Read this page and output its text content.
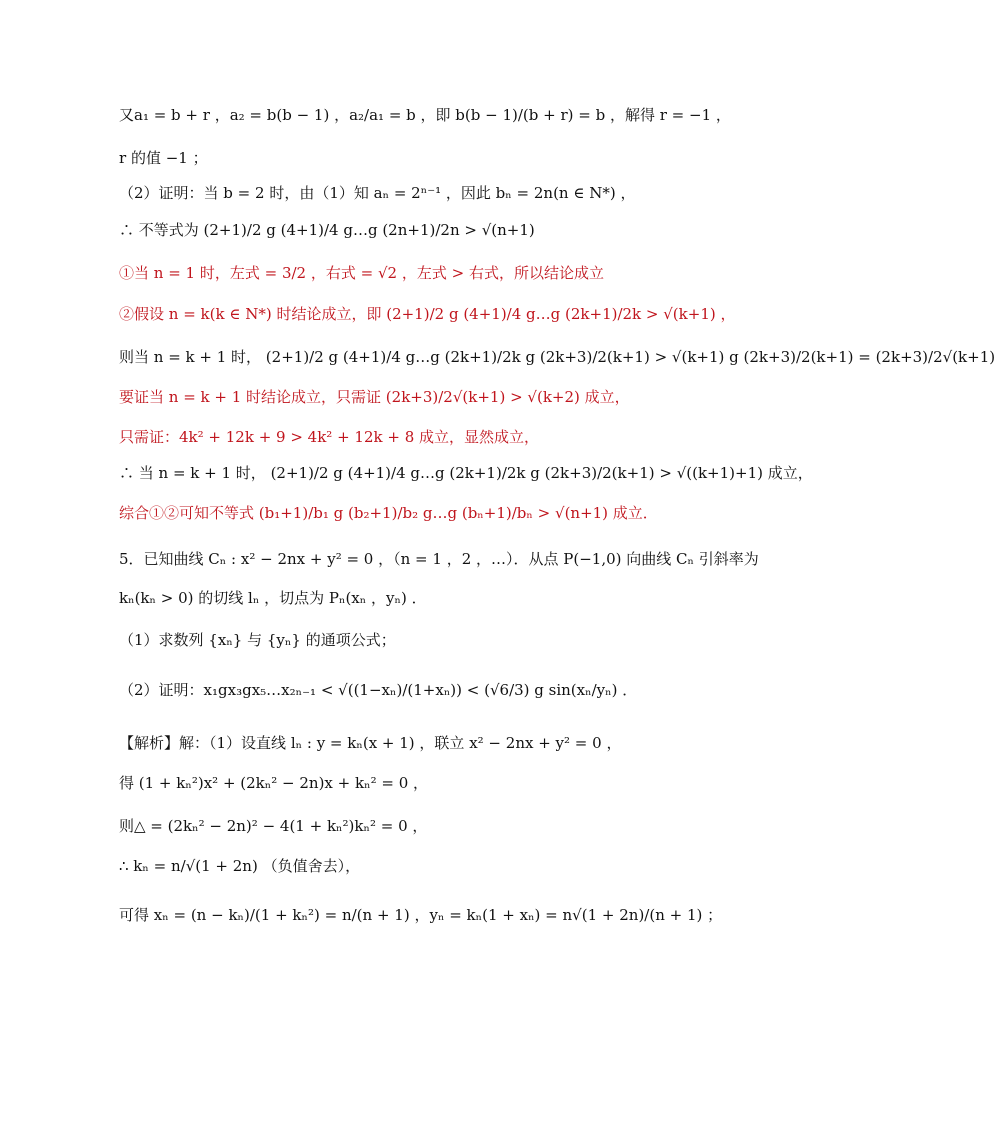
又a₁ = b + r ，a₂ = b(b − 1) ，a₂/a₁ = b ，即 b(b − 1)/(b + r) = b ，解得 r = −1 ，
r 的值 −1 ；
（2）证明：当 b = 2 时，由（1）知 aₙ = 2ⁿ⁻¹ ，因此 bₙ = 2n(n ∈ N*) ，
∴ 不等式为 (2+1)/2 g (4+1)/4 g…g (2n+1)/2n > √(n+1)
①当 n = 1 时，左式 = 3/2 ，右式 = √2 ，左式 > 右式，所以结论成立
②假设 n = k(k ∈ N*) 时结论成立，即 (2+1)/2 g (4+1)/4 g…g (2k+1)/2k > √(k+1) ，
则当 n = k + 1 时， (2+1)/2 g (4+1)/4 g…g (2k+1)/2k g (2k+3)/2(k+1) > √(k+1) g (2k+3)/2(k+1) = (2k+3)/2√(k+1)
要证当 n = k + 1 时结论成立，只需证 (2k+3)/2√(k+1) > √(k+2) 成立，
只需证：4k² + 12k + 9 > 4k² + 12k + 8 成立，显然成立，
∴ 当 n = k + 1 时， (2+1)/2 g (4+1)/4 g…g (2k+1)/2k g (2k+3)/2(k+1) > √((k+1)+1) 成立，
综合①②可知不等式 (b₁+1)/b₁ g (b₂+1)/b₂ g…g (bₙ+1)/bₙ > √(n+1) 成立．
5．已知曲线 Cₙ : x² − 2nx + y² = 0 ，（n = 1 ，2 ，…）．从点 P(−1,0) 向曲线 Cₙ 引斜率为
kₙ(kₙ > 0) 的切线 lₙ ，切点为 Pₙ(xₙ ，yₙ) ．
（1）求数列 {xₙ} 与 {yₙ} 的通项公式；
（2）证明：x₁gx₃gx₅…x₂ₙ₋₁ < √((1−xₙ)/(1+xₙ)) < (√6/3) g sin(xₙ/yₙ) ．
【解析】解：（1）设直线 lₙ : y = kₙ(x + 1) ，联立 x² − 2nx + y² = 0 ，
得 (1 + kₙ²)x² + (2kₙ² − 2n)x + kₙ² = 0 ，
则△ = (2kₙ² − 2n)² − 4(1 + kₙ²)kₙ² = 0 ，
∴ kₙ = n/√(1 + 2n) （负值舍去），
可得 xₙ = (n − kₙ)/(1 + kₙ²) = n/(n + 1) ，yₙ = kₙ(1 + xₙ) = n√(1 + 2n)/(n + 1) ；
